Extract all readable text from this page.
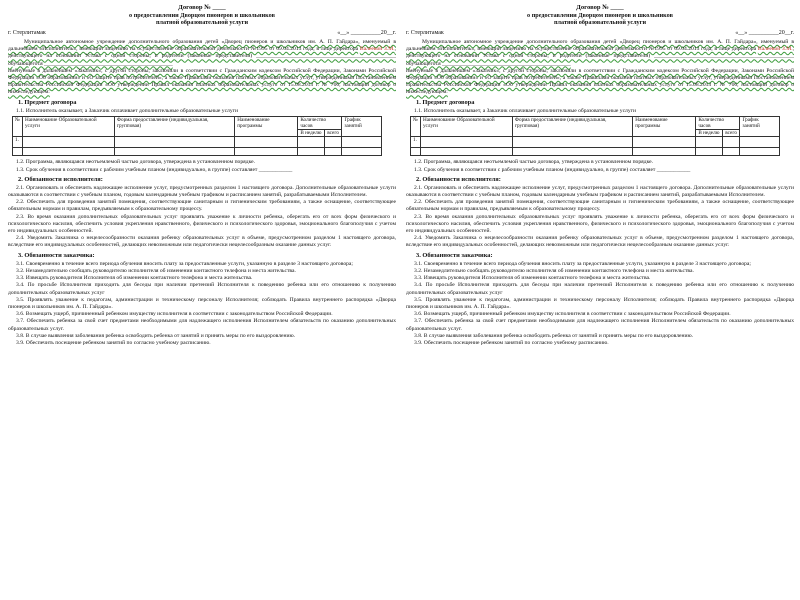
Договор № ____
о предоставлении Дворцом пионеров и школьников
платной образовательной услуги
г. Стерлитамак	«__» __________20__г.

Муниципальное автономное учреждение дополнительного образования детей «Дворец пионеров и школьников им. А. П. Гайдара», именуемый в дальнейшем «Исполнитель», имеющий лицензию на осуществление образовательной деятельности №1995 от 09.04.2013 года, в лице директора Валеевой З.М., действующего на основании Устава с одной стороны, и родители (законные представители) __________________________________________________ обучающегося ______________________________________________

именуемые в дальнейшем «Заказчик», с другой стороны, заключили в соответствии с Гражданским кодексом Российской Федерации, Законами Российской Федерации «Об образовании» и «О защите прав потребителей», а также Правилами оказания платных образовательных услуг, утвержденными Постановлением Правительства Российской Федерации «Об утверждении Правил оказания платных образовательных услуг» от 15.08.2013 г. № 706, настоящий договор о нижеследующем:

1. Предмет договора

1.1. Исполнитель оказывает, а Заказчик оплачивает дополнительные образовательные услуги

№	Наименование Образовательной услуги	Форма предоставление (индивидуальная, групповая)	Наименование программы	Количество часов		График занятий
				В неделю	всего	
1.						

1.2. Программа, являющаяся неотъемлемой частью договора, утверждена в установленном порядке.

1.3. Срок обучения в соответствии с рабочим учебным планом (индивидуально, в группе) составляет ____________

2. Обязанности исполнителя:

2.1. Организовать и обеспечить надлежащее исполнение услуг, предусмотренных разделом 1 настоящего договора. Дополнительные образовательные услуги оказываются в соответствии с учебным планом, годовым календарным учебным графиком и расписанием занятий, разрабатываемыми Исполнителем.

2.2. Обеспечить для проведения занятий помещения, соответствующие санитарным и гигиеническим требованиям, а также оснащение, соответствующее обязательным нормам и правилам, предъявляемым к образовательному процессу.

2.3. Во время оказания дополнительных образовательных услуг проявлять уважение к личности ребенка, оберегать его от всех форм физического и психологического насилия, обеспечить условия укрепления нравственного, физического и психологического здоровья, эмоционального благополучия с учетом его индивидуальных особенностей.

2.4. Уведомить Заказчика о нецелесообразности оказания ребенку образовательных услуг в объеме, предусмотренном разделом 1 настоящего договора, вследствие его индивидуальных особенностей, делающих невозможным или педагогически нецелесообразным оказание данных услуг.

3. Обязанности заказчика:

3.1. Своевременно в течение всего периода обучения вносить плату за предоставленные услуги, указанную в разделе 3 настоящего договора;

3.2. Незамедлительно сообщать руководителю исполнителя об изменении контактного телефона и места жительства.

3.3. Извещать руководителя Исполнителя об изменении контактного телефона и места жительства.

3.4. По просьбе Исполнителя приходить для беседы при наличии претензий Исполнителя к поведению ребенка или его отношению к получению дополнительных образовательных услуг

3.5. Проявлять уважение к педагогам, администрации и техническому персоналу Исполнителя; соблюдать Правила внутреннего распорядка «Дворца пионеров и школьников им. А. П. Гайдара».

3.6. Возмещать ущерб, причиненный ребенком имуществу исполнителя в соответствии с законодательством Российской Федерации.

3.7. Обеспечить ребенка за свой счет предметами необходимыми для надлежащего исполнения Исполнителем обязательств по оказанию дополнительных образовательных услуг.

3.8. В случае выявления заболевания ребенка освободить ребенка от занятий и принять меры по его выздоровлению.

3.9. Обеспечить посещение ребенком занятий по согласно учебному расписанию.

Договор № ____
о предоставлении Дворцом пионеров и школьников
платной образовательной услуги
г. Стерлитамак	«__» __________20__г.

Муниципальное автономное учреждение дополнительного образования детей «Дворец пионеров и школьников им. А. П. Гайдара», именуемый в дальнейшем «Исполнитель», имеющий лицензию на осуществление образовательной деятельности №1995 от 09.04.2013 года, в лице директора Валеевой З.М., действующего на основании Устава с одной стороны, и родители (законные представители) __________________________________________________ обучающегося ______________________________________________

именуемые в дальнейшем «Заказчик», с другой стороны, заключили в соответствии с Гражданским кодексом Российской Федерации, Законами Российской Федерации «Об образовании» и «О защите прав потребителей», а также Правилами оказания платных образовательных услуг, утвержденными Постановлением Правительства Российской Федерации «Об утверждении Правил оказания платных образовательных услуг» от 15.08.2013 г. № 706, настоящий договор о нижеследующем:

1. Предмет договора

1.1. Исполнитель оказывает, а Заказчик оплачивает дополнительные образовательные услуги

№	Наименование Образовательной услуги	Форма предоставление (индивидуальная, групповая)	Наименование программы	Количество часов		График занятий
				В неделю	всего	
1.						

1.2. Программа, являющаяся неотъемлемой частью договора, утверждена в установленном порядке.

1.3. Срок обучения в соответствии с рабочим учебным планом (индивидуально, в группе) составляет ____________

2. Обязанности исполнителя:

2.1. Организовать и обеспечить надлежащее исполнение услуг, предусмотренных разделом 1 настоящего договора. Дополнительные образовательные услуги оказываются в соответствии с учебным планом, годовым календарным учебным графиком и расписанием занятий, разрабатываемыми Исполнителем.

2.2. Обеспечить для проведения занятий помещения, соответствующие санитарным и гигиеническим требованиям, а также оснащение, соответствующее обязательным нормам и правилам, предъявляемым к образовательному процессу.

2.3. Во время оказания дополнительных образовательных услуг проявлять уважение к личности ребенка, оберегать его от всех форм физического и психологического насилия, обеспечить условия укрепления нравственного, физического и психологического здоровья, эмоционального благополучия с учетом его индивидуальных особенностей.

2.4. Уведомить Заказчика о нецелесообразности оказания ребенку образовательных услуг в объеме, предусмотренном разделом 1 настоящего договора, вследствие его индивидуальных особенностей, делающих невозможным или педагогически нецелесообразным оказание данных услуг.

3. Обязанности заказчика:

3.1. Своевременно в течение всего периода обучения вносить плату за предоставленные услуги, указанную в разделе 3 настоящего договора;

3.2. Незамедлительно сообщать руководителю исполнителя об изменении контактного телефона и места жительства.

3.3. Извещать руководителя Исполнителя об изменении контактного телефона и места жительства.

3.4. По просьбе Исполнителя приходить для беседы при наличии претензий Исполнителя к поведению ребенка или его отношению к получению дополнительных образовательных услуг

3.5. Проявлять уважение к педагогам, администрации и техническому персоналу Исполнителя; соблюдать Правила внутреннего распорядка «Дворца пионеров и школьников им. А. П. Гайдара».

3.6. Возмещать ущерб, причиненный ребенком имуществу исполнителя в соответствии с законодательством Российской Федерации.

3.7. Обеспечить ребенка за свой счет предметами необходимыми для надлежащего исполнения Исполнителем обязательств по оказанию дополнительных образовательных услуг.

3.8. В случае выявления заболевания ребенка освободить ребенка от занятий и принять меры по его выздоровлению.

3.9. Обеспечить посещение ребенком занятий по согласно учебному расписанию.
